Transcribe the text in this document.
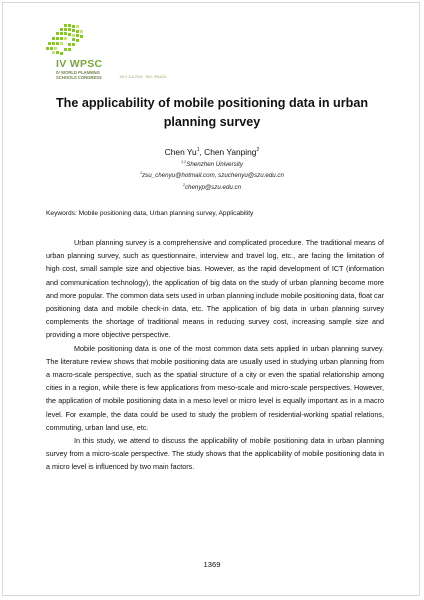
IV WPSC
IV WORLD PLANNING SCHOOLS CONGRESS	JULY 3-8 2016 · RIO, BRAZIL
The applicability of mobile positioning data in urban planning survey
Chen Yu$^1$, Chen Yanping$^2$
$^{1,2}$Shenzhen University
$^1$zsu_chenyu@hotmail.com, szuchenyu@szu.edu.cn
$^2$chenyp@szu.edu.cn
Keywords: Mobile positioning data, Urban planning survey, Applicability

Urban planning survey is a comprehensive and complicated procedure. The traditional means of urban planning survey, such as questionnaire, interview and travel log, etc., are facing the limitation of high cost, small sample size and objective bias. However, as the rapid development of ICT (information and communication technology), the application of big data on the study of urban planning become more and more popular. The common data sets used in urban planning include mobile positioning data, float car positioning data and mobile check-in data, etc. The application of big data in urban planning survey complements the shortage of traditional means in reducing survey cost, increasing sample size and providing a more objective perspective.

Mobile positioning data is one of the most common data sets applied in urban planning survey. The literature review shows that mobile positioning data are usually used in studying urban planning from a macro-scale perspective, such as the spatial structure of a city or even the spatial relationship among cities in a region, while there is few applications from meso-scale and micro-scale perspectives. However, the application of mobile positioning data in a meso level or micro level is equally important as in a macro level. For example, the data could be used to study the problem of residential-working spatial relations, commuting, urban land use, etc.

In this study, we attend to discuss the applicability of mobile positioning data in urban planning survey from a micro-scale perspective. The study shows that the applicability of mobile positioning data in a micro level is influenced by two main factors.

1369
